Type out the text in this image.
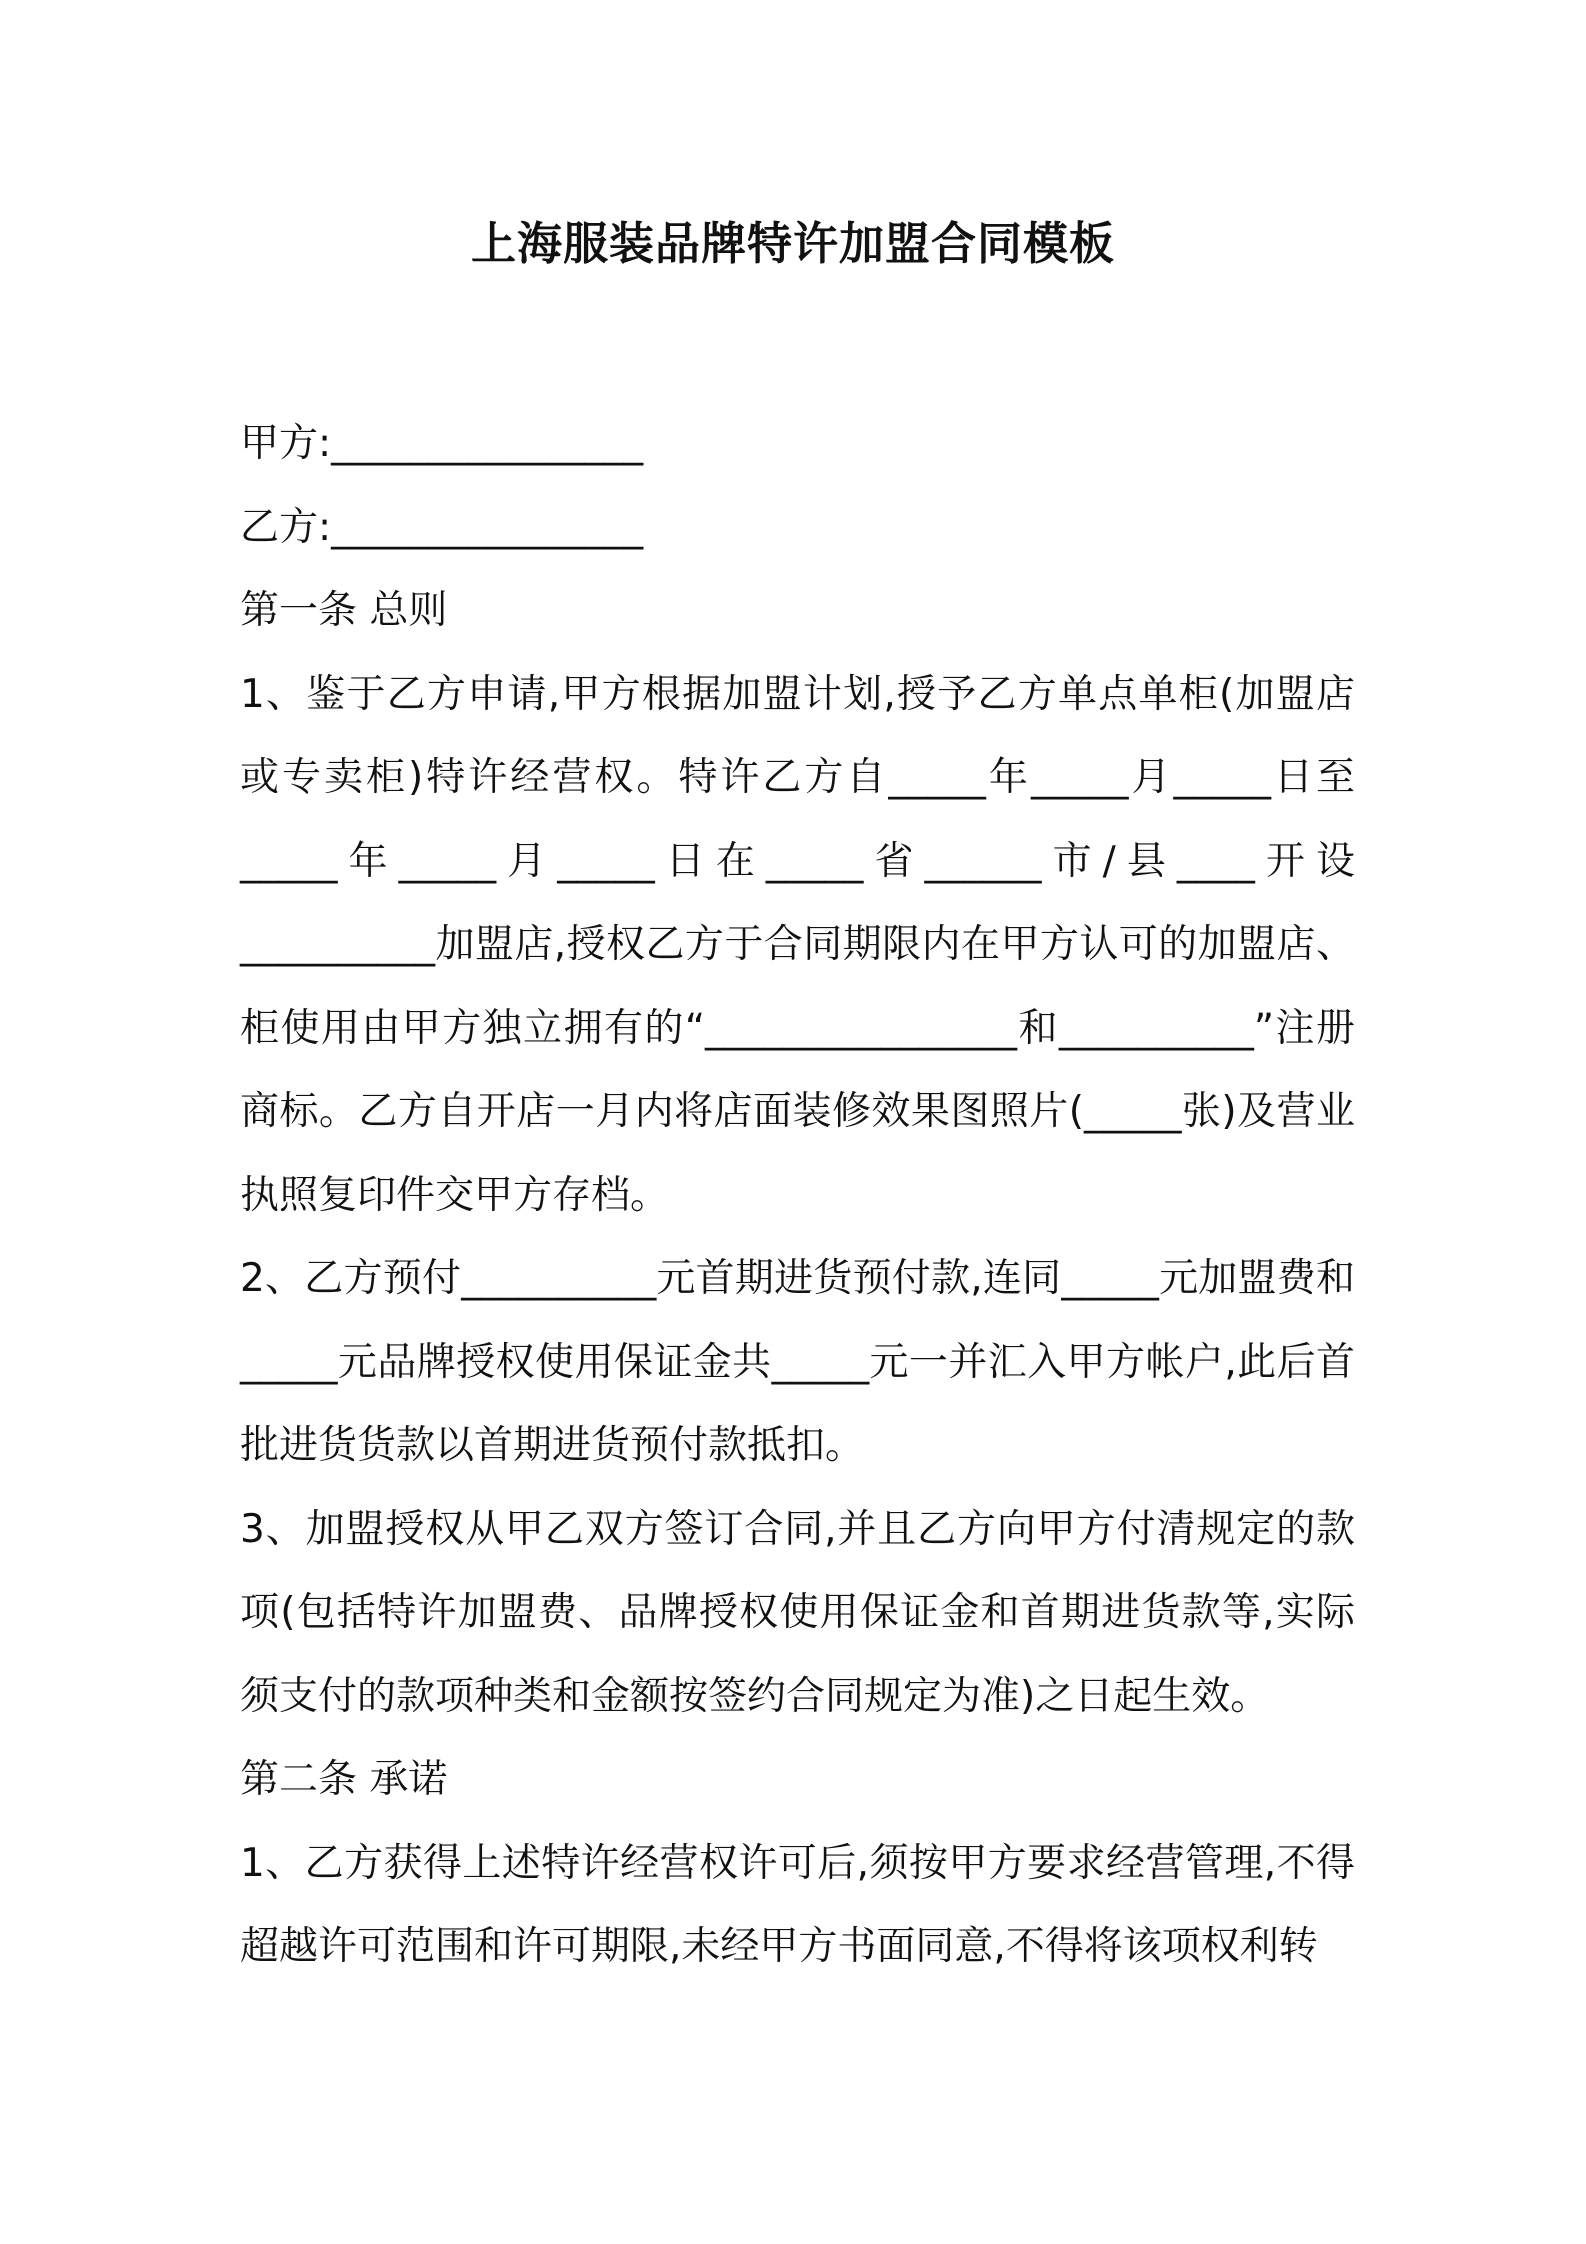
上海服装品牌特许加盟合同模板

甲方:________________

乙方:________________

第一条 总则

1、鉴于乙方申请,甲方根据加盟计划,授予乙方单点单柜(加盟店或专卖柜)特许经营权。特许乙方自_____年_____月_____日至_____年_____月_____日在_____省______市/县____开设__________加盟店,授权乙方于合同期限内在甲方认可的加盟店、柜使用由甲方独立拥有的“________________和__________”注册商标。乙方自开店一月内将店面装修效果图照片(_____张)及营业执照复印件交甲方存档。

2、乙方预付__________元首期进货预付款,连同_____元加盟费和_____元品牌授权使用保证金共_____元一并汇入甲方帐户,此后首批进货货款以首期进货预付款抵扣。

3、加盟授权从甲乙双方签订合同,并且乙方向甲方付清规定的款项(包括特许加盟费、品牌授权使用保证金和首期进货款等,实际须支付的款项种类和金额按签约合同规定为准)之日起生效。

第二条 承诺

1、乙方获得上述特许经营权许可后,须按甲方要求经营管理,不得超越许可范围和许可期限,未经甲方书面同意,不得将该项权利转
